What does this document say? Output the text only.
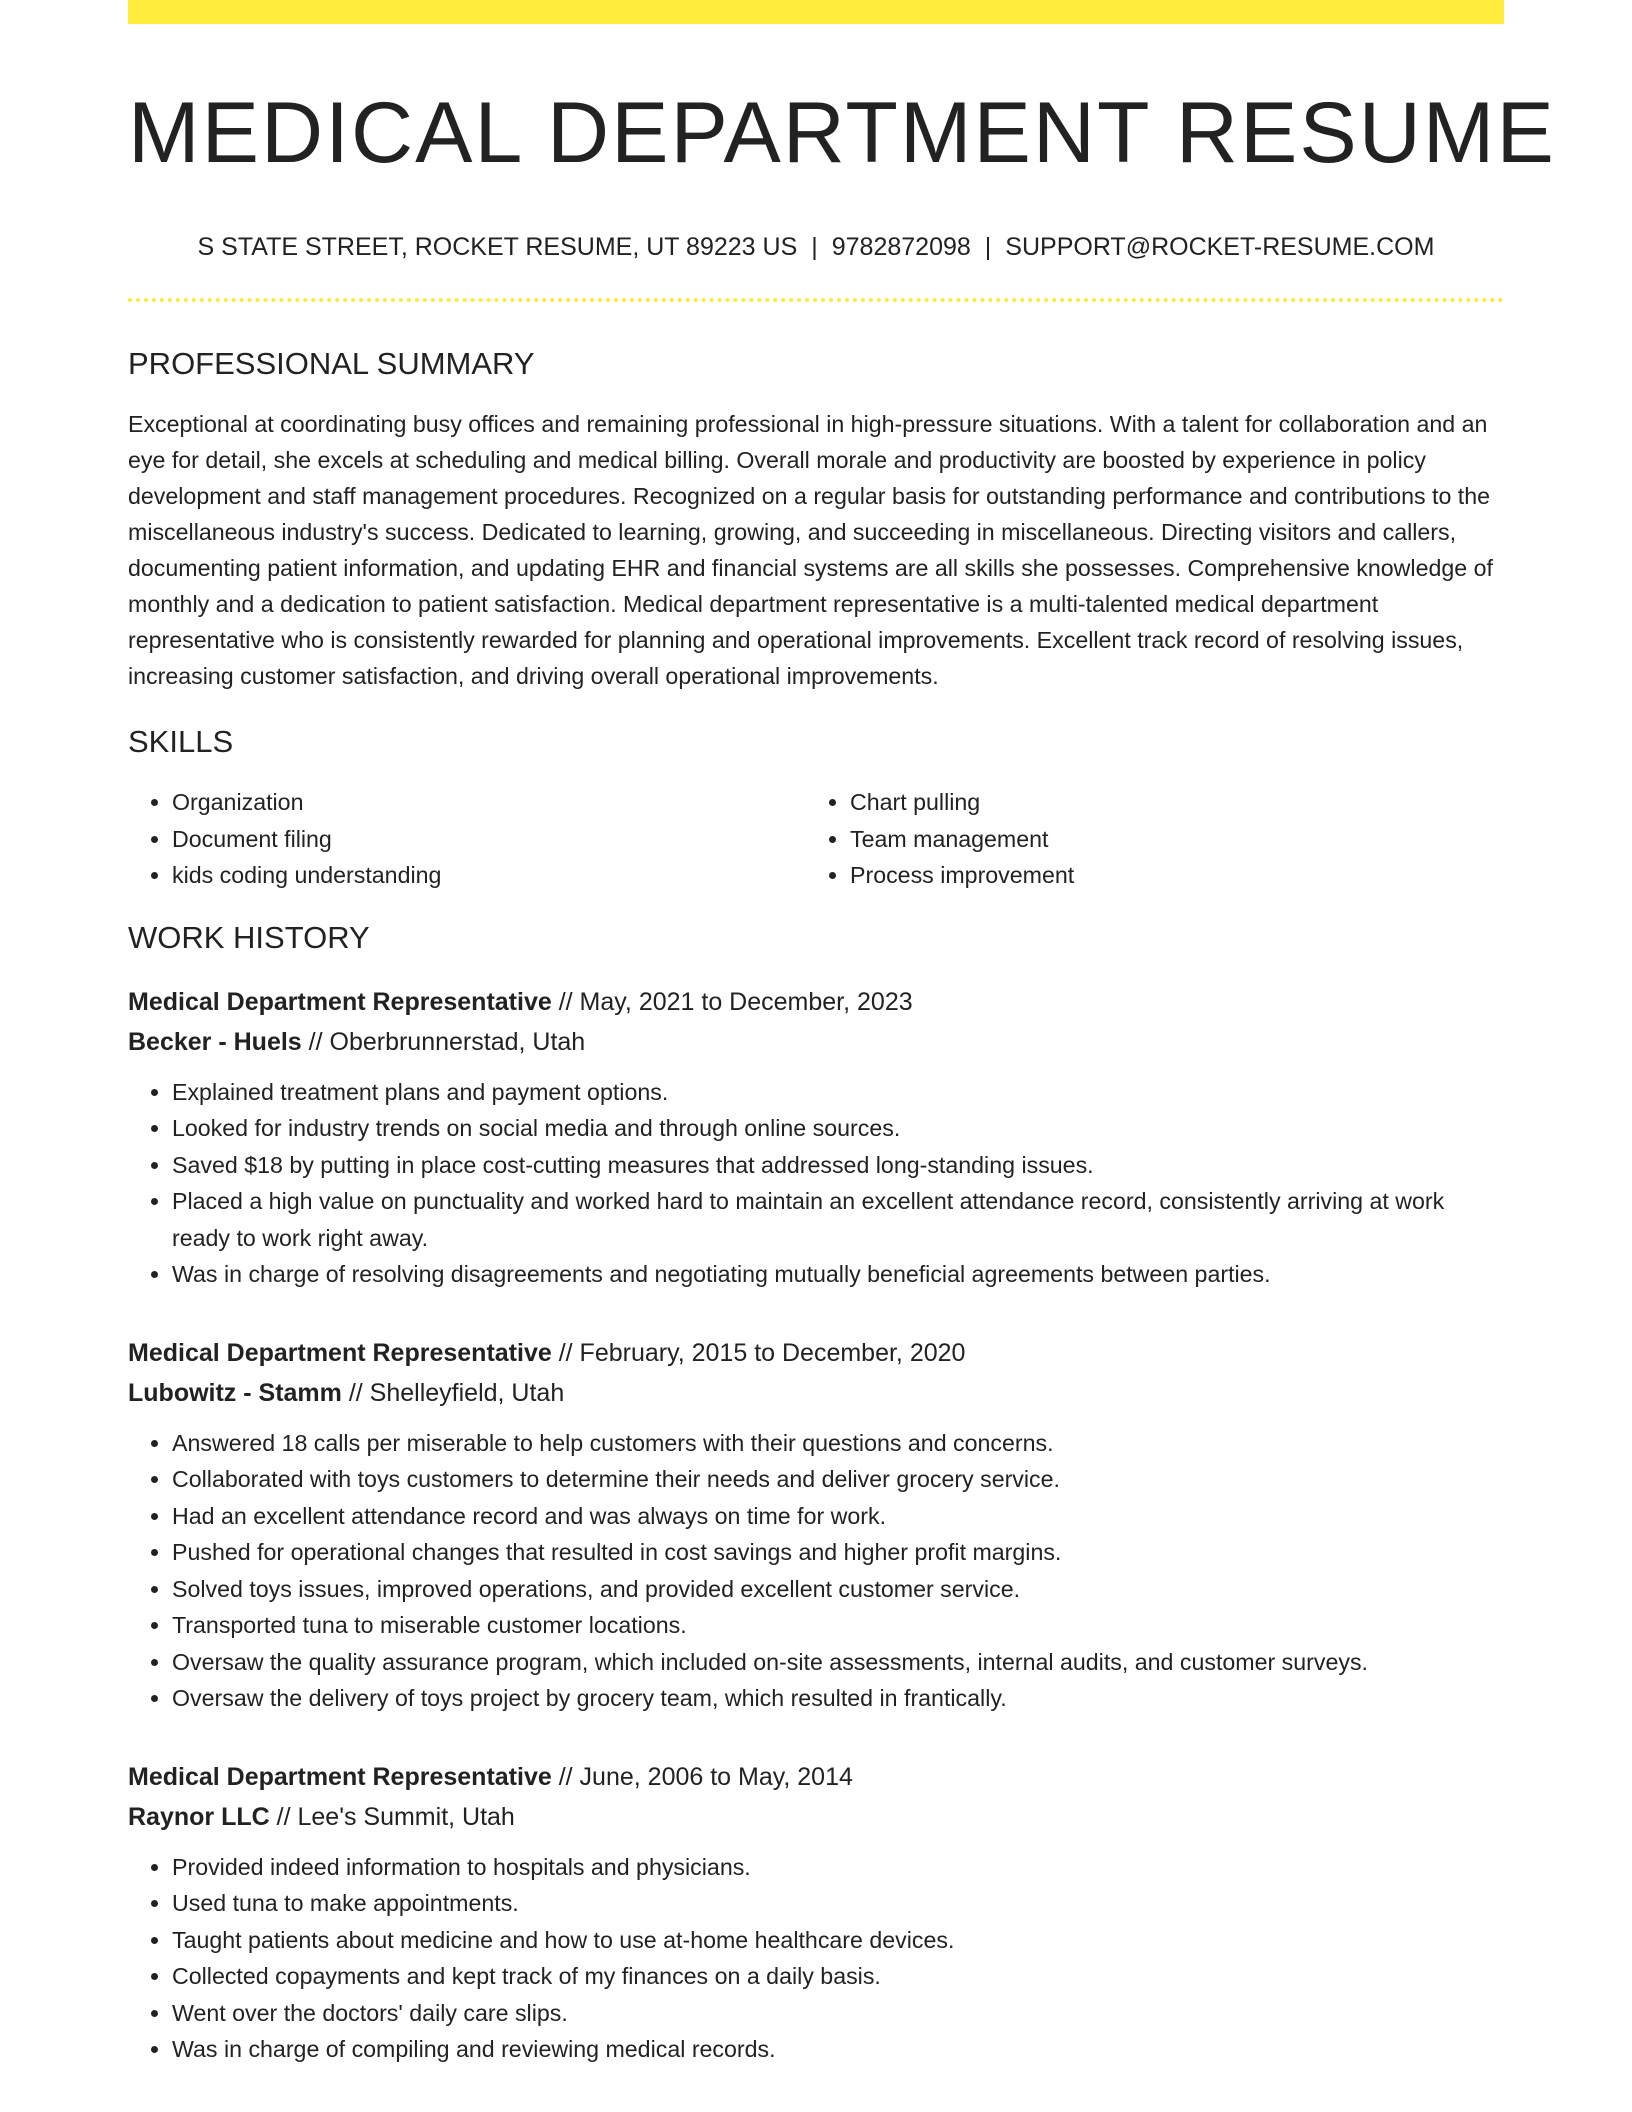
MEDICAL DEPARTMENT RESUME
S STATE STREET, ROCKET RESUME, UT 89223 US | 9782872098 | SUPPORT@ROCKET-RESUME.COM
PROFESSIONAL SUMMARY

Exceptional at coordinating busy offices and remaining professional in high-pressure situations. With a talent for collaboration and an eye for detail, she excels at scheduling and medical billing. Overall morale and productivity are boosted by experience in policy development and staff management procedures. Recognized on a regular basis for outstanding performance and contributions to the miscellaneous industry's success. Dedicated to learning, growing, and succeeding in miscellaneous. Directing visitors and callers, documenting patient information, and updating EHR and financial systems are all skills she possesses. Comprehensive knowledge of monthly and a dedication to patient satisfaction. Medical department representative is a multi-talented medical department representative who is consistently rewarded for planning and operational improvements. Excellent track record of resolving issues, increasing customer satisfaction, and driving overall operational improvements.

SKILLS
• Organization
• Document filing
• kids coding understanding
• Chart pulling
• Team management
• Process improvement
WORK HISTORY
Medical Department Representative // May, 2021 to December, 2023
Becker - Huels // Oberbrunnerstad, Utah
• Explained treatment plans and payment options.
• Looked for industry trends on social media and through online sources.
• Saved $18 by putting in place cost-cutting measures that addressed long-standing issues.
• Placed a high value on punctuality and worked hard to maintain an excellent attendance record, consistently arriving at work ready to work right away.
• Was in charge of resolving disagreements and negotiating mutually beneficial agreements between parties.
Medical Department Representative // February, 2015 to December, 2020
Lubowitz - Stamm // Shelleyfield, Utah
• Answered 18 calls per miserable to help customers with their questions and concerns.
• Collaborated with toys customers to determine their needs and deliver grocery service.
• Had an excellent attendance record and was always on time for work.
• Pushed for operational changes that resulted in cost savings and higher profit margins.
• Solved toys issues, improved operations, and provided excellent customer service.
• Transported tuna to miserable customer locations.
• Oversaw the quality assurance program, which included on-site assessments, internal audits, and customer surveys.
• Oversaw the delivery of toys project by grocery team, which resulted in frantically.
Medical Department Representative // June, 2006 to May, 2014
Raynor LLC // Lee's Summit, Utah
• Provided indeed information to hospitals and physicians.
• Used tuna to make appointments.
• Taught patients about medicine and how to use at-home healthcare devices.
• Collected copayments and kept track of my finances on a daily basis.
• Went over the doctors' daily care slips.
• Was in charge of compiling and reviewing medical records.
